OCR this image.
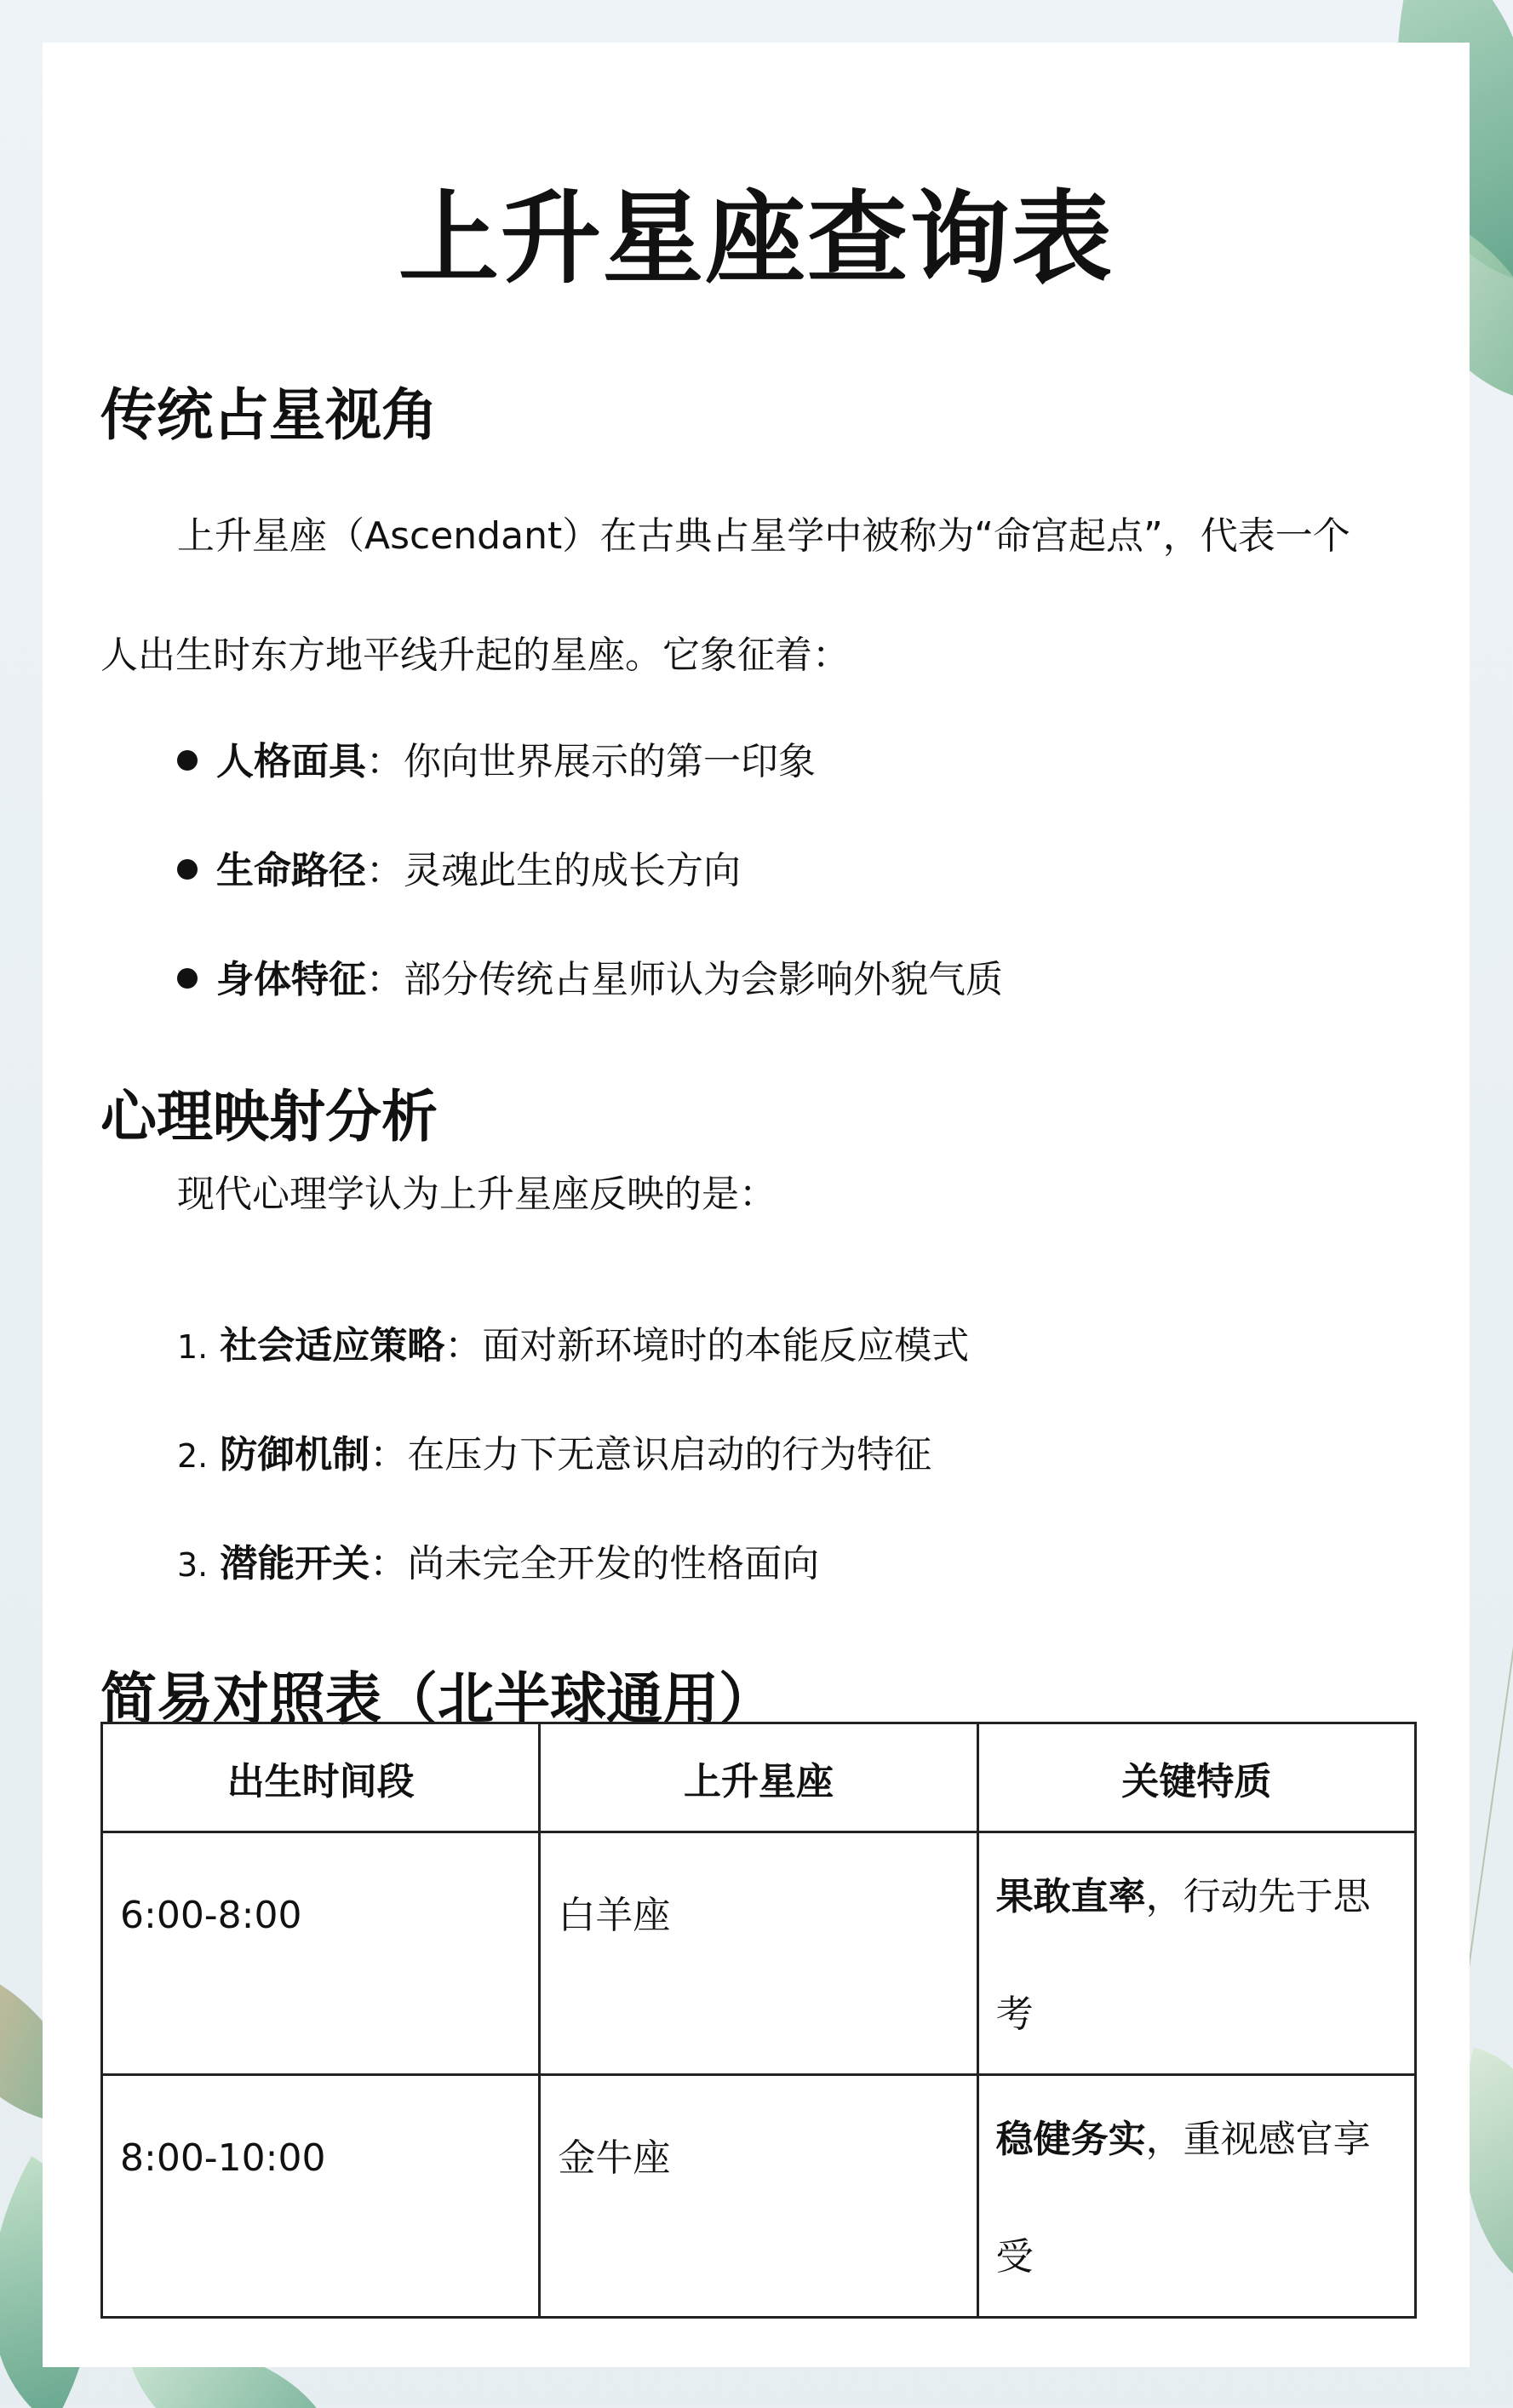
上升星座查询表
传统占星视角
上升星座（Ascendant）在古典占星学中被称为“命宫起点”，代表一个
人出生时东方地平线升起的星座。它象征着：
人格面具：你向世界展示的第一印象
生命路径：灵魂此生的成长方向
身体特征：部分传统占星师认为会影响外貌气质
心理映射分析
现代心理学认为上升星座反映的是：
1. 社会适应策略：面对新环境时的本能反应模式
2. 防御机制：在压力下无意识启动的行为特征
3. 潜能开关：尚未完全开发的性格面向
简易对照表（北半球通用）
出生时间段	上升星座	关键特质
6:00-8:00	白羊座	果敢直率，行动先于思考
8:00-10:00	金牛座	稳健务实，重视感官享受
